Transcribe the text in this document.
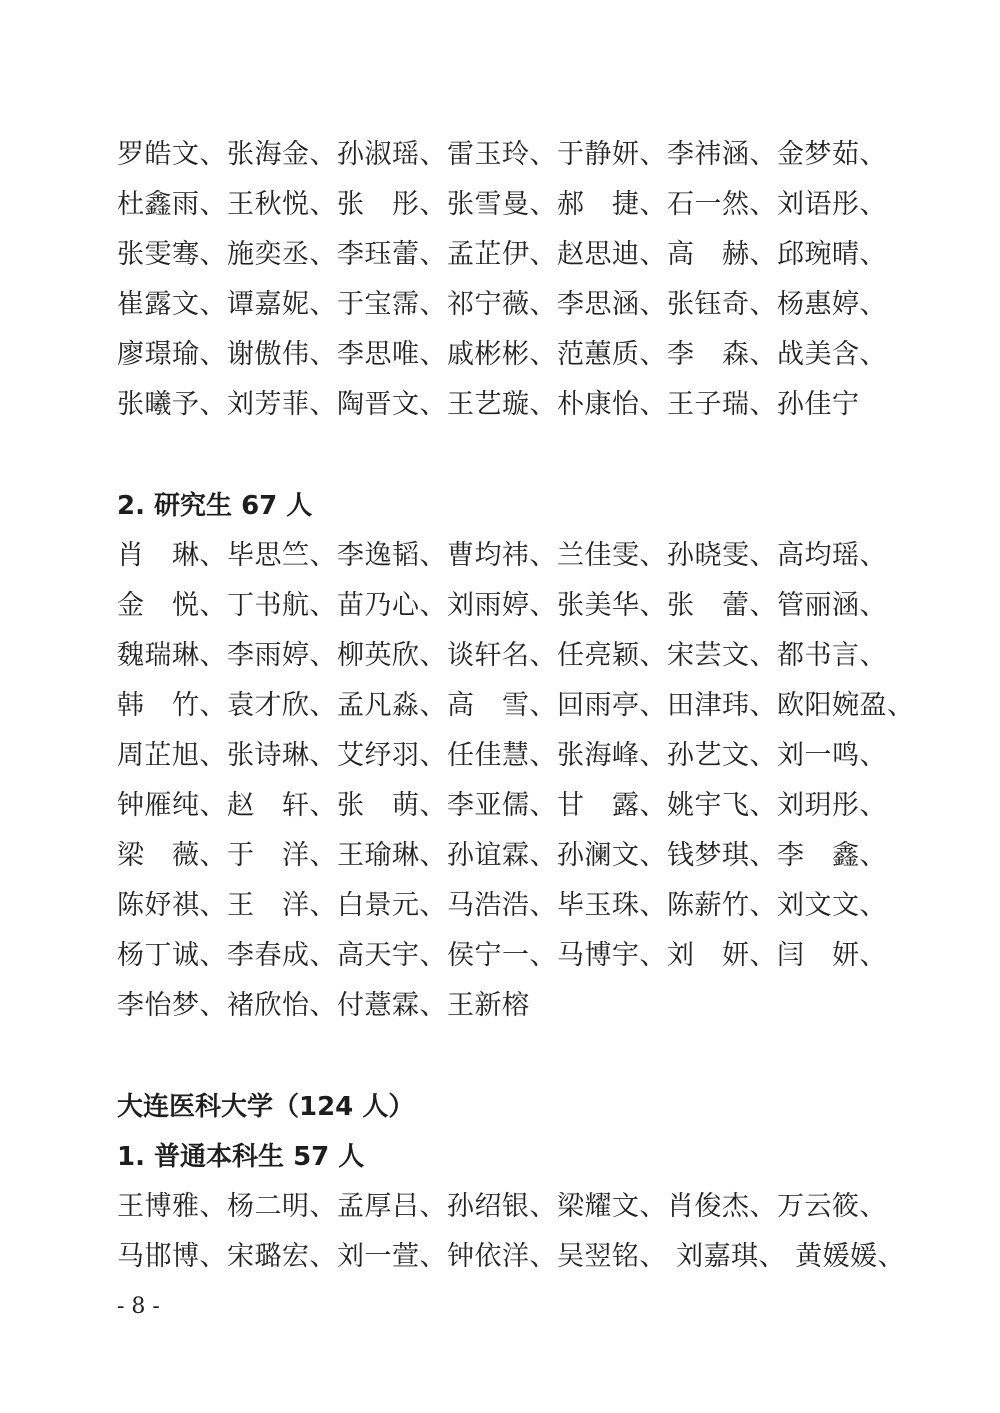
罗皓文、张海金、孙淑瑶、雷玉玲、于静妍、李祎涵、金梦茹、
杜鑫雨、王秋悦、张　彤、张雪曼、郝　捷、石一然、刘语彤、
张雯骞、施奕丞、李珏蕾、孟芷伊、赵思迪、高　赫、邱琬晴、
崔露文、谭嘉妮、于宝霈、祁宁薇、李思涵、张钰奇、杨惠婷、
廖璟瑜、谢傲伟、李思唯、戚彬彬、范蕙质、李　森、战美含、
张曦予、刘芳菲、陶晋文、王艺璇、朴康怡、王子瑞、孙佳宁
2. 研究生 67 人
肖　琳、毕思竺、李逸韬、曹均祎、兰佳雯、孙晓雯、高均瑶、
金　悦、丁书航、苗乃心、刘雨婷、张美华、张　蕾、管丽涵、
魏瑞琳、李雨婷、柳英欣、谈轩名、任亮颖、宋芸文、都书言、
韩　竹、袁才欣、孟凡淼、高　雪、回雨亭、田津玮、欧阳婉盈、
周芷旭、张诗琳、艾纾羽、任佳慧、张海峰、孙艺文、刘一鸣、
钟雁纯、赵　轩、张　萌、李亚儒、甘　露、姚宇飞、刘玥彤、
梁　薇、于　洋、王瑜琳、孙谊霖、孙澜文、钱梦琪、李　鑫、
陈妤祺、王　洋、白景元、马浩浩、毕玉珠、陈薪竹、刘文文、
杨丁诚、李春成、高天宇、侯宁一、马博宇、刘　妍、闫　妍、
李怡梦、褚欣怡、付薏霖、王新榕
大连医科大学（124 人）
1. 普通本科生 57 人
王博雅、杨二明、孟厚吕、孙绍银、梁耀文、肖俊杰、万云筱、
马邯博、宋璐宏、刘一萱、钟依洋、吴翌铭、 刘嘉琪、 黄媛媛、
- 8 -
